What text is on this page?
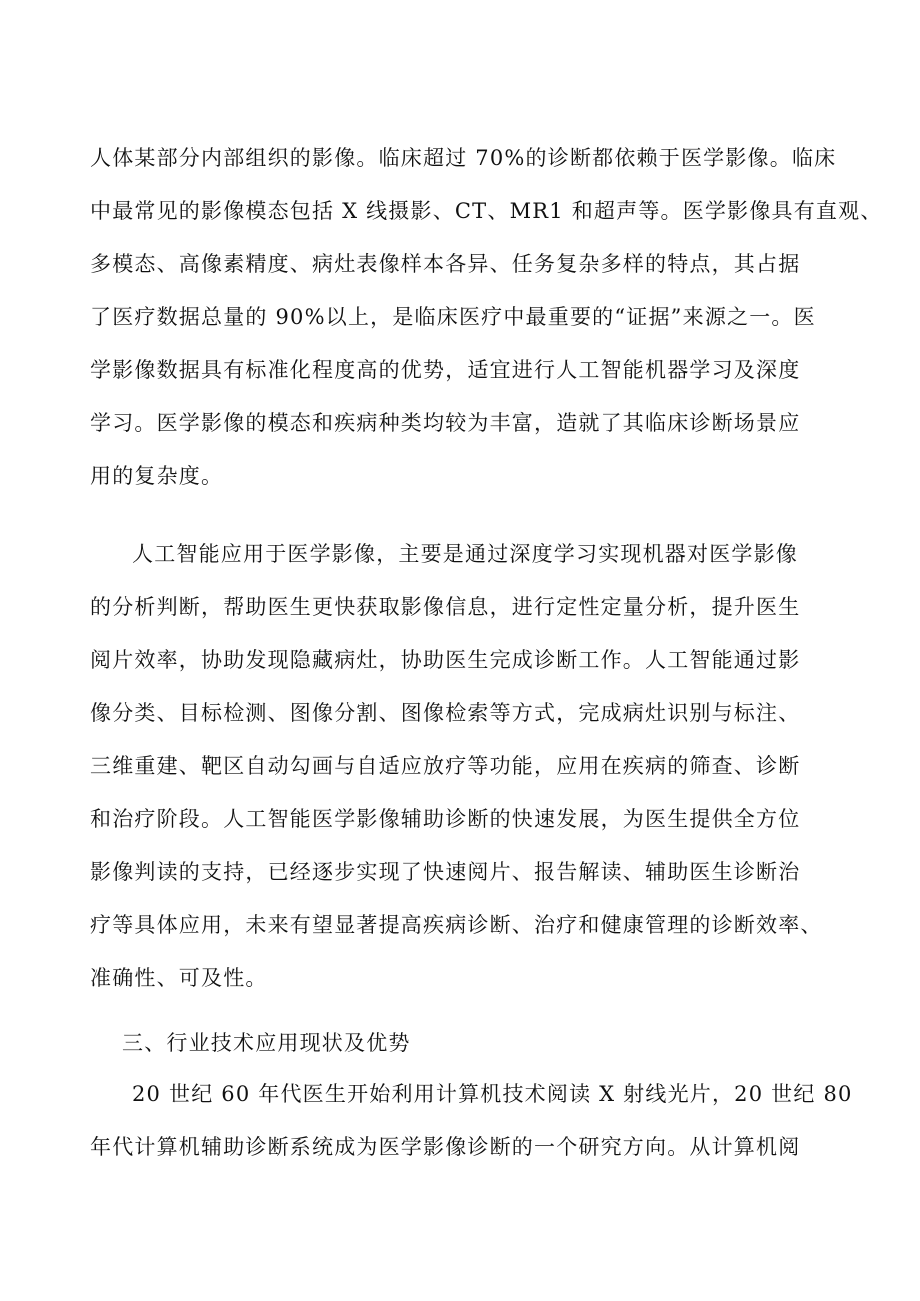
人体某部分内部组织的影像。临床超过 70%的诊断都依赖于医学影像。临床
中最常见的影像模态包括 X 线摄影、CT、MR1 和超声等。医学影像具有直观、
多模态、高像素精度、病灶表像样本各异、任务复杂多样的特点，其占据
了医疗数据总量的 90%以上，是临床医疗中最重要的“证据”来源之一。医
学影像数据具有标准化程度高的优势，适宜进行人工智能机器学习及深度
学习。医学影像的模态和疾病种类均较为丰富，造就了其临床诊断场景应
用的复杂度。
人工智能应用于医学影像，主要是通过深度学习实现机器对医学影像
的分析判断，帮助医生更快获取影像信息，进行定性定量分析，提升医生
阅片效率，协助发现隐藏病灶，协助医生完成诊断工作。人工智能通过影
像分类、目标检测、图像分割、图像检索等方式，完成病灶识别与标注、
三维重建、靶区自动勾画与自适应放疗等功能，应用在疾病的筛查、诊断
和治疗阶段。人工智能医学影像辅助诊断的快速发展，为医生提供全方位
影像判读的支持，已经逐步实现了快速阅片、报告解读、辅助医生诊断治
疗等具体应用，未来有望显著提高疾病诊断、治疗和健康管理的诊断效率、
准确性、可及性。
三、行业技术应用现状及优势
20 世纪 60 年代医生开始利用计算机技术阅读 X 射线光片，20 世纪 80
年代计算机辅助诊断系统成为医学影像诊断的一个研究方向。从计算机阅
